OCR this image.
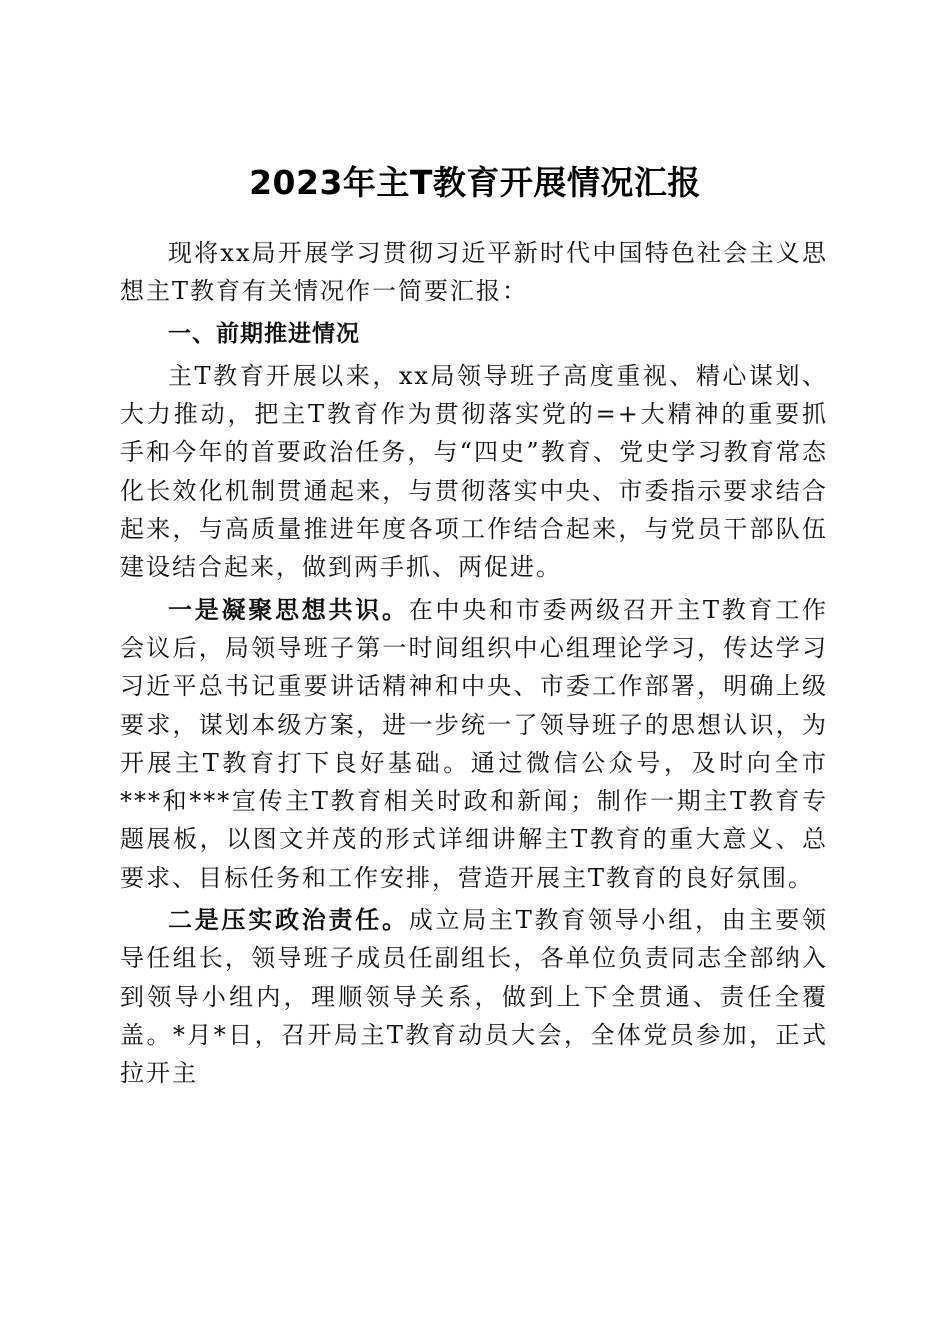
2023年主T教育开展情况汇报

现将xx局开展学习贯彻习近平新时代中国特色社会主义思想主T教育有关情况作一简要汇报：

一、前期推进情况

主T教育开展以来，xx局领导班子高度重视、精心谋划、大力推动，把主T教育作为贯彻落实党的=+大精神的重要抓手和今年的首要政治任务，与“四史”教育、党史学习教育常态化长效化机制贯通起来，与贯彻落实中央、市委指示要求结合起来，与高质量推进年度各项工作结合起来，与党员干部队伍建设结合起来，做到两手抓、两促进。

一是凝聚思想共识。在中央和市委两级召开主T教育工作会议后，局领导班子第一时间组织中心组理论学习，传达学习习近平总书记重要讲话精神和中央、市委工作部署，明确上级要求，谋划本级方案，进一步统一了领导班子的思想认识，为开展主T教育打下良好基础。通过微信公众号，及时向全市***和***宣传主T教育相关时政和新闻；制作一期主T教育专题展板，以图文并茂的形式详细讲解主T教育的重大意义、总要求、目标任务和工作安排，营造开展主T教育的良好氛围。

二是压实政治责任。成立局主T教育领导小组，由主要领导任组长，领导班子成员任副组长，各单位负责同志全部纳入到领导小组内，理顺领导关系，做到上下全贯通、责任全覆盖。*月*日，召开局主T教育动员大会，全体党员参加，正式拉开主
